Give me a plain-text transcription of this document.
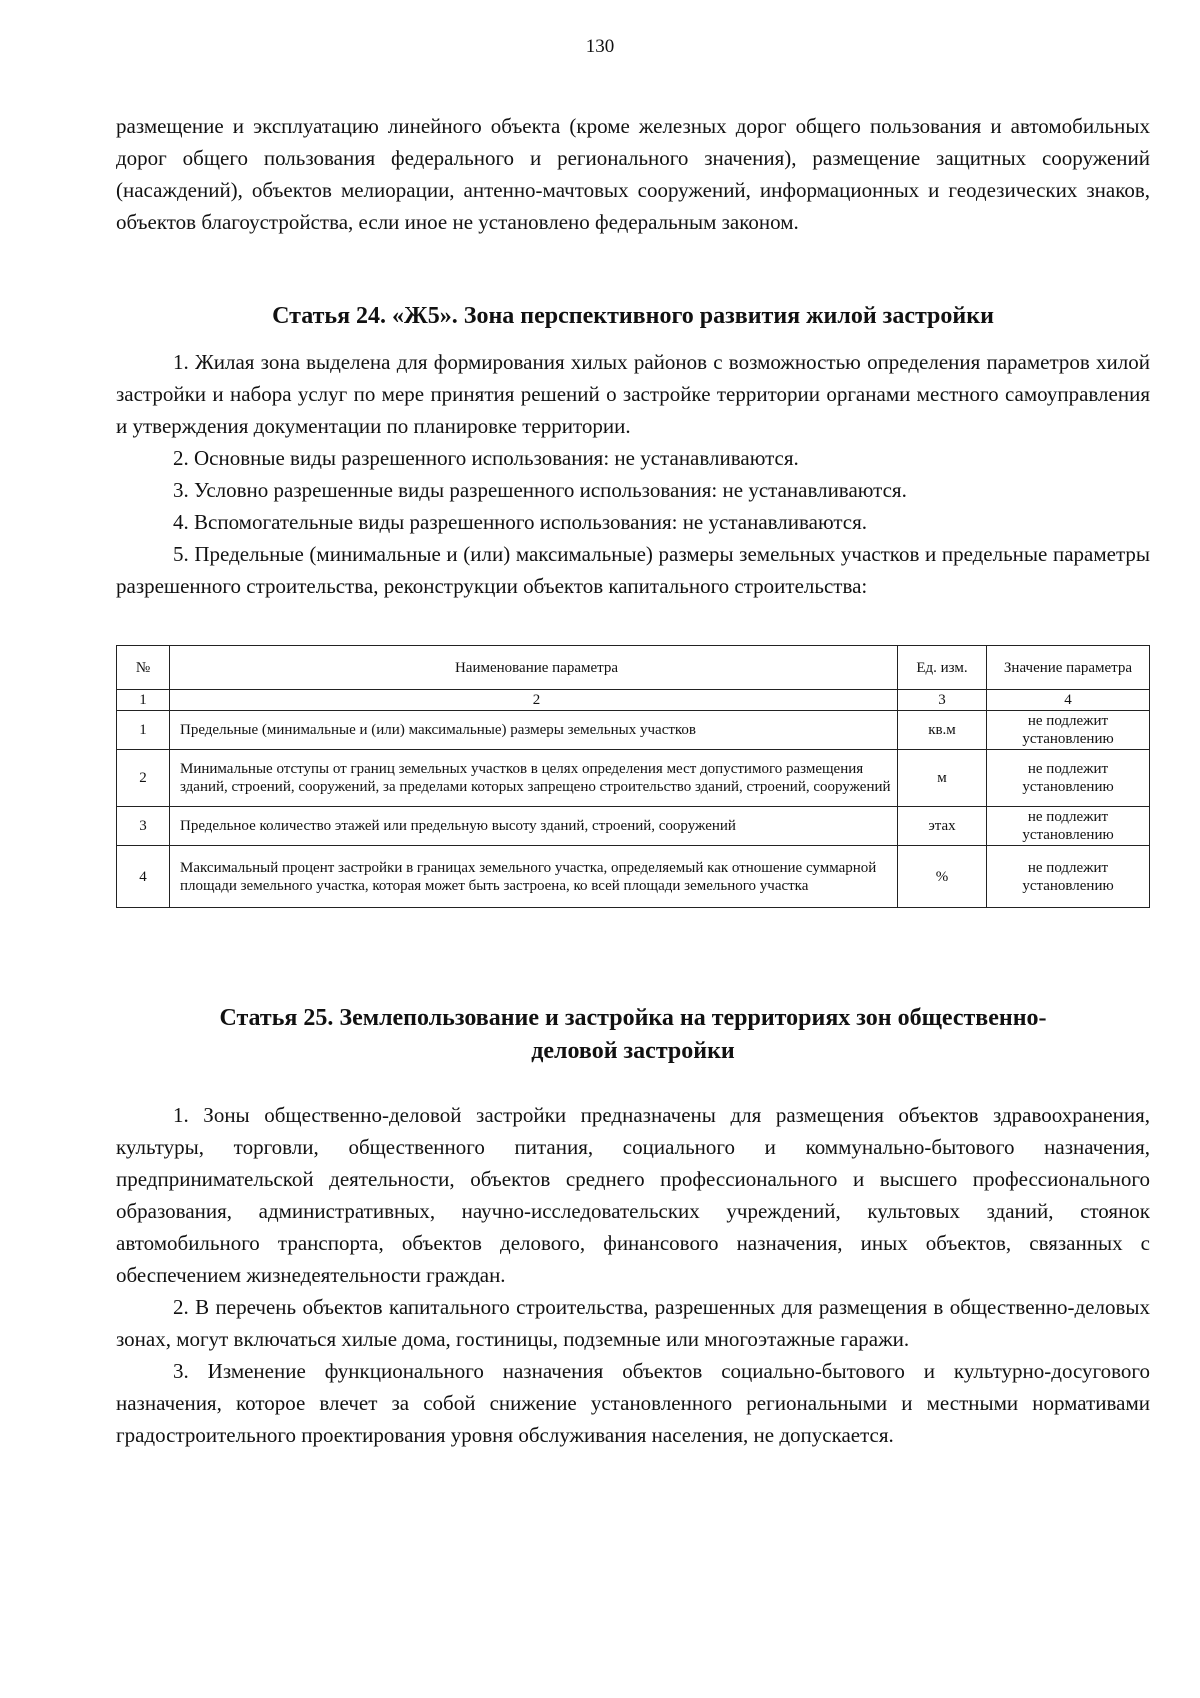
130

размещение и эксплуатацию линейного объекта (кроме железных дорог общего пользования и автомобильных дорог общего пользования федерального и регионального значения), размещение защитных сооружений (насаждений), объектов мелиорации, антенно-мачтовых сооружений, информационных и геодезических знаков, объектов благоустройства, если иное не установлено федеральным законом.

Статья 24. «Ж5». Зона перспективного развития жилой застройки

1. Жилая зона выделена для формирования хилых районов с возможностью определения параметров хилой застройки и набора услуг по мере принятия решений о застройке территории органами местного самоуправления и утверждения документации по планировке территории.

2. Основные виды разрешенного использования: не устанавливаются.

3. Условно разрешенные виды разрешенного использования: не устанавливаются.

4. Вспомогательные виды разрешенного использования: не устанавливаются.

5. Предельные (минимальные и (или) максимальные) размеры земельных участков и предельные параметры разрешенного строительства, реконструкции объектов капитального строительства:

№	Наименование параметра	Ед. изм.	Значение параметра
1	2	3	4
1	Предельные (минимальные и (или) максимальные) размеры земельных участков	кв.м	не подлежит установлению
2	Минимальные отступы от границ земельных участков в целях определения мест допустимого размещения зданий, строений, сооружений, за пределами которых запрещено строительство зданий, строений, сооружений	м	не подлежит установлению
3	Предельное количество этажей или предельную высоту зданий, строений, сооружений	этах	не подлежит установлению
4	Максимальный процент застройки в границах земельного участка, определяемый как отношение суммарной площади земельного участка, которая может быть застроена, ко всей площади земельного участка	%	не подлежит установлению
Статья 25. Землепользование и застройка на территориях зон общественно-
деловой застройки

1. Зоны общественно-деловой застройки предназначены для размещения объектов здравоохранения, культуры, торговли, общественного питания, социального и коммунально-бытового назначения, предпринимательской деятельности, объектов среднего профессионального и высшего профессионального образования, административных, научно-исследовательских учреждений, культовых зданий, стоянок автомобильного транспорта, объектов делового, финансового назначения, иных объектов, связанных с обеспечением жизнедеятельности граждан.

2. В перечень объектов капитального строительства, разрешенных для размещения в общественно-деловых зонах, могут включаться хилые дома, гостиницы, подземные или многоэтажные гаражи.

3. Изменение функционального назначения объектов социально-бытового и культурно-досугового назначения, которое влечет за собой снижение установленного региональными и местными нормативами градостроительного проектирования уровня обслуживания населения, не допускается.
